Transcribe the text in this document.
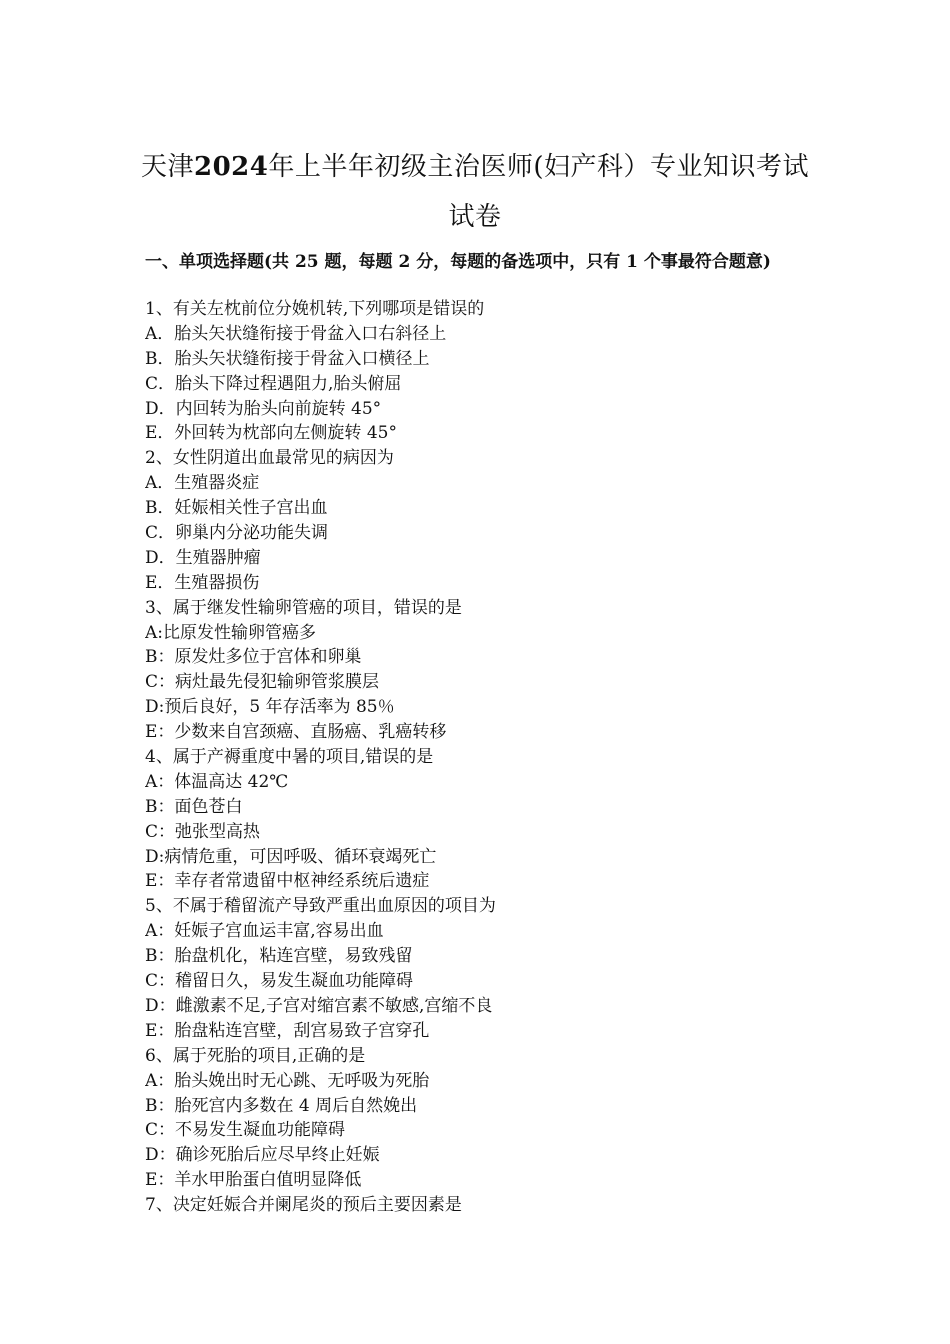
天津2024年上半年初级主治医师(妇产科）专业知识考试
试卷
一、单项选择题(共 25 题，每题 2 分，每题的备选项中，只有 1 个事最符合题意)
1、有关左枕前位分娩机转,下列哪项是错误的
A．胎头矢状缝衔接于骨盆入口右斜径上
B．胎头矢状缝衔接于骨盆入口横径上
C．胎头下降过程遇阻力,胎头俯屈
D．内回转为胎头向前旋转 45°
E．外回转为枕部向左侧旋转 45°
2、女性阴道出血最常见的病因为
A．生殖器炎症
B．妊娠相关性子宫出血
C．卵巢内分泌功能失调
D．生殖器肿瘤
E．生殖器损伤
3、属于继发性输卵管癌的项目，错误的是
A:比原发性输卵管癌多
B：原发灶多位于宫体和卵巢
C：病灶最先侵犯输卵管浆膜层
D:预后良好，5 年存活率为 85％
E：少数来自宫颈癌、直肠癌、乳癌转移
4、属于产褥重度中暑的项目,错误的是
A：体温高达 42℃
B：面色苍白
C：弛张型高热
D:病情危重，可因呼吸、循环衰竭死亡
E：幸存者常遗留中枢神经系统后遗症
5、不属于稽留流产导致严重出血原因的项目为
A：妊娠子宫血运丰富,容易出血
B：胎盘机化，粘连宫壁，易致残留
C：稽留日久，易发生凝血功能障碍
D：雌激素不足,子宫对缩宫素不敏感,宫缩不良
E：胎盘粘连宫壁，刮宫易致子宫穿孔
6、属于死胎的项目,正确的是
A：胎头娩出时无心跳、无呼吸为死胎
B：胎死宫内多数在 4 周后自然娩出
C：不易发生凝血功能障碍
D：确诊死胎后应尽早终止妊娠
E：羊水甲胎蛋白值明显降低
7、决定妊娠合并阑尾炎的预后主要因素是
